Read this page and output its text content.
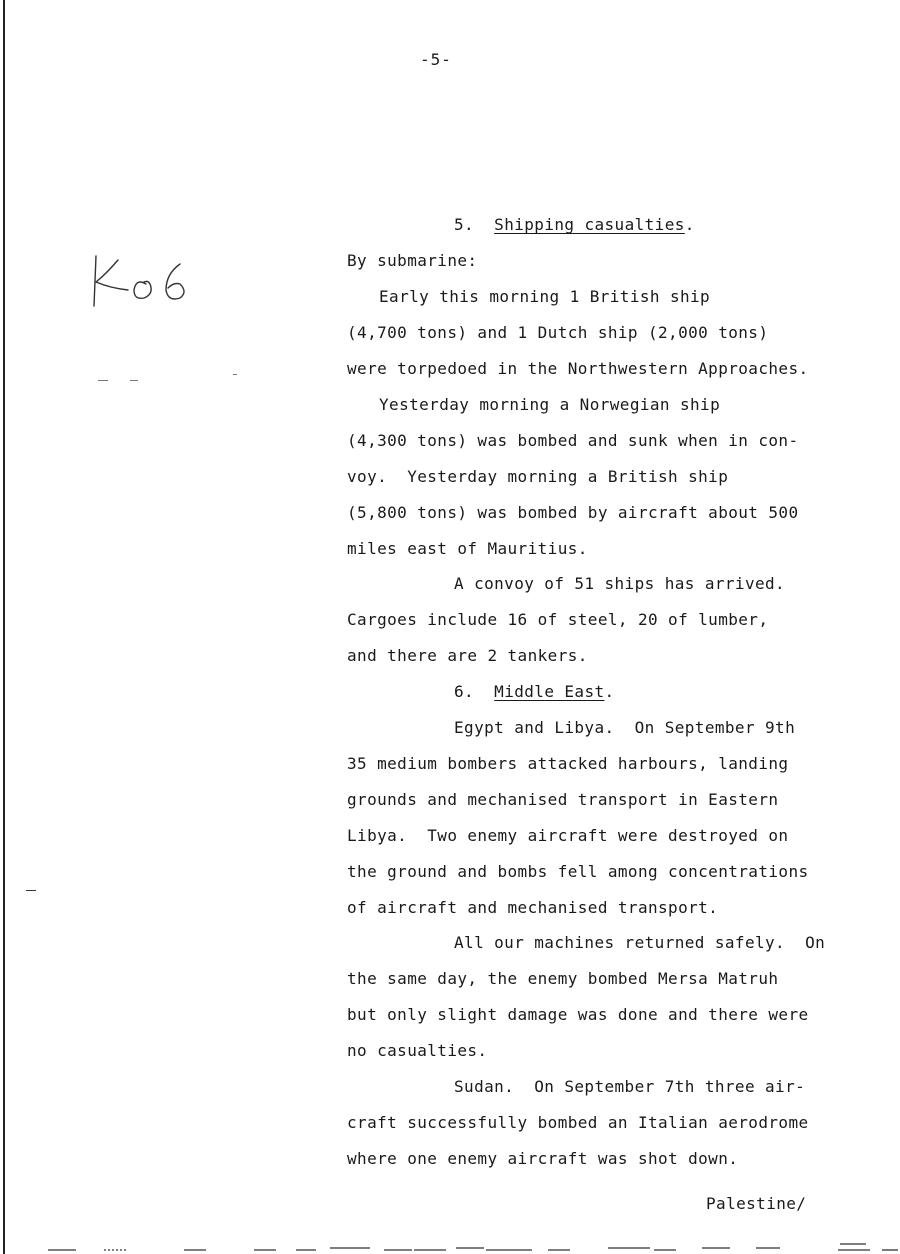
-5-
5. Shipping casualties.
By submarine:
Early this morning 1 British ship
(4,700 tons) and 1 Dutch ship (2,000 tons)
were torpedoed in the Northwestern Approaches.
Yesterday morning a Norwegian ship
(4,300 tons) was bombed and sunk when in con-
voy.  Yesterday morning a British ship
(5,800 tons) was bombed by aircraft about 500
miles east of Mauritius.
A convoy of 51 ships has arrived.
Cargoes include 16 of steel, 20 of lumber,
and there are 2 tankers.
6. Middle East.
Egypt and Libya.  On September 9th
35 medium bombers attacked harbours, landing
grounds and mechanised transport in Eastern
Libya.  Two enemy aircraft were destroyed on
the ground and bombs fell among concentrations
of aircraft and mechanised transport.
All our machines returned safely.  On
the same day, the enemy bombed Mersa Matruh
but only slight damage was done and there were
no casualties.
Sudan.  On September 7th three air-
craft successfully bombed an Italian aerodrome
where one enemy aircraft was shot down.
Palestine/
